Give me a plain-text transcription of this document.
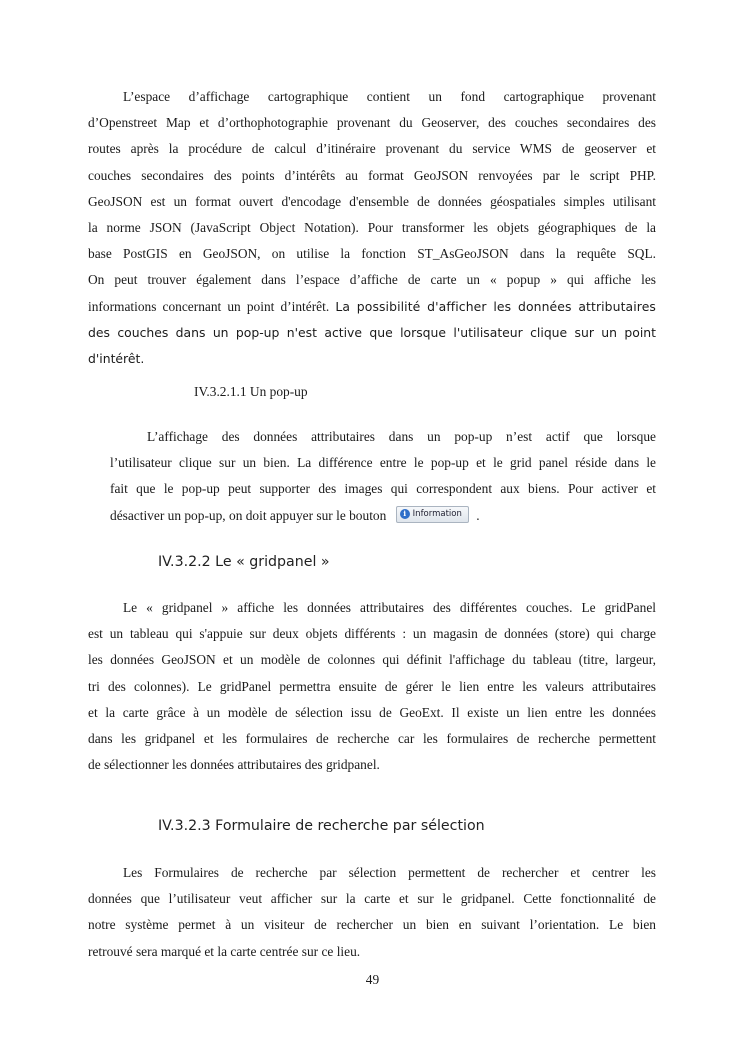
L’espace d’affichage cartographique contient un fond cartographique provenant
d’Openstreet Map et d’orthophotographie provenant du Geoserver, des couches secondaires des
routes après la procédure de calcul d’itinéraire provenant du service WMS de geoserver et
couches secondaires des points d’intérêts au format GeoJSON renvoyées par le script PHP.
GeoJSON est un format ouvert d'encodage d'ensemble de données géospatiales simples utilisant
la norme JSON (JavaScript Object Notation). Pour transformer les objets géographiques de la
base PostGIS en GeoJSON, on utilise la fonction ST_AsGeoJSON dans la requête SQL.
On peut trouver également dans l’espace d’affiche de carte un « popup » qui affiche les
informations concernant un point d’intérêt. La possibilité d'afficher les données attributaires
des couches dans un pop-up n'est active que lorsque l'utilisateur clique sur un point
d'intérêt.

IV.3.2.1.1 Un pop-up

L’affichage des données attributaires dans un pop-up n’est actif que lorsque
l’utilisateur clique sur un bien. La différence entre le pop-up et le grid panel réside dans le
fait que le pop-up peut supporter des images qui correspondent aux biens. Pour activer et
désactiver un pop-up, on doit appuyer sur le bouton	i Information .

IV.3.2.2 Le « gridpanel »

Le « gridpanel » affiche les données attributaires des différentes couches. Le gridPanel
est un tableau qui s'appuie sur deux objets différents : un magasin de données (store) qui charge
les données GeoJSON et un modèle de colonnes qui définit l'affichage du tableau (titre, largeur,
tri des colonnes). Le gridPanel permettra ensuite de gérer le lien entre les valeurs attributaires
et la carte grâce à un modèle de sélection issu de GeoExt. Il existe un lien entre les données
dans les gridpanel et les formulaires de recherche car les formulaires de recherche permettent
de sélectionner les données attributaires des gridpanel.

IV.3.2.3 Formulaire de recherche par sélection

Les Formulaires de recherche par sélection permettent de rechercher et centrer les
données que l’utilisateur veut afficher sur la carte et sur le gridpanel. Cette fonctionnalité de
notre système permet à un visiteur de rechercher un bien en suivant l’orientation. Le bien
retrouvé sera marqué et la carte centrée sur ce lieu.

49
